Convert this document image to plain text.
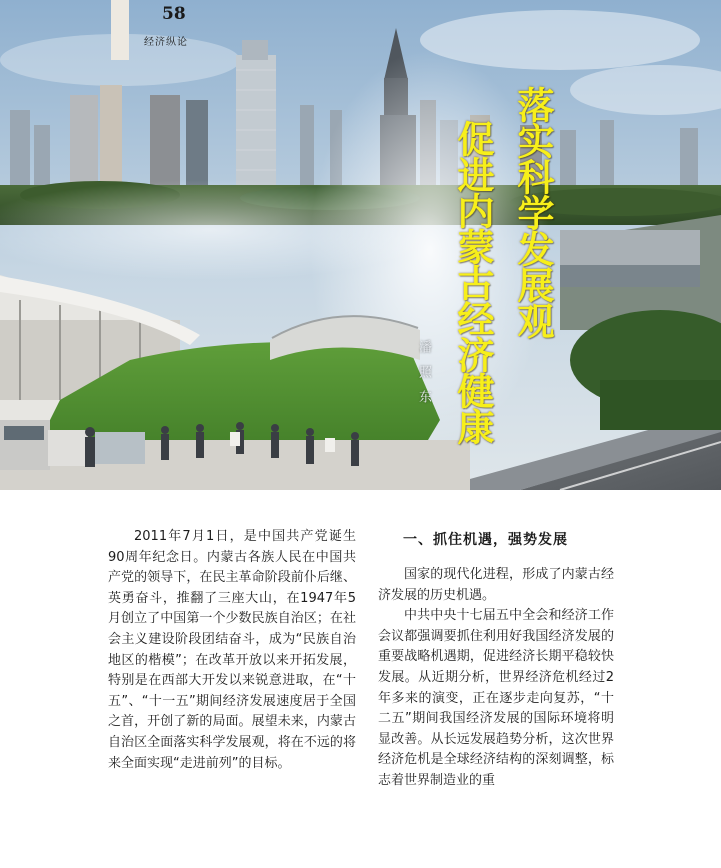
58
经济纵论
落实科学发展观
促进内蒙古经济健康
潘照东

2011年7月1日，是中国共产党诞生90周年纪念日。内蒙古各族人民在中国共产党的领导下，在民主革命阶段前仆后继、英勇奋斗，推翻了三座大山，在1947年5月创立了中国第一个少数民族自治区；在社会主义建设阶段团结奋斗，成为“民族自治地区的楷模”；在改革开放以来开拓发展，特别是在西部大开发以来锐意进取，在“十五”、“十一五”期间经济发展速度居于全国之首，开创了新的局面。展望未来，内蒙古自治区全面落实科学发展观，将在不远的将来全面实现“走进前列”的目标。

一、抓住机遇，强势发展

国家的现代化进程，形成了内蒙古经济发展的历史机遇。

中共中央十七届五中全会和经济工作会议都强调要抓住利用好我国经济发展的重要战略机遇期，促进经济长期平稳较快发展。从近期分析，世界经济危机经过2年多来的演变，正在逐步走向复苏，“十二五”期间我国经济发展的国际环境将明显改善。从长远发展趋势分析，这次世界经济危机是全球经济结构的深刻调整，标志着世界制造业的重
